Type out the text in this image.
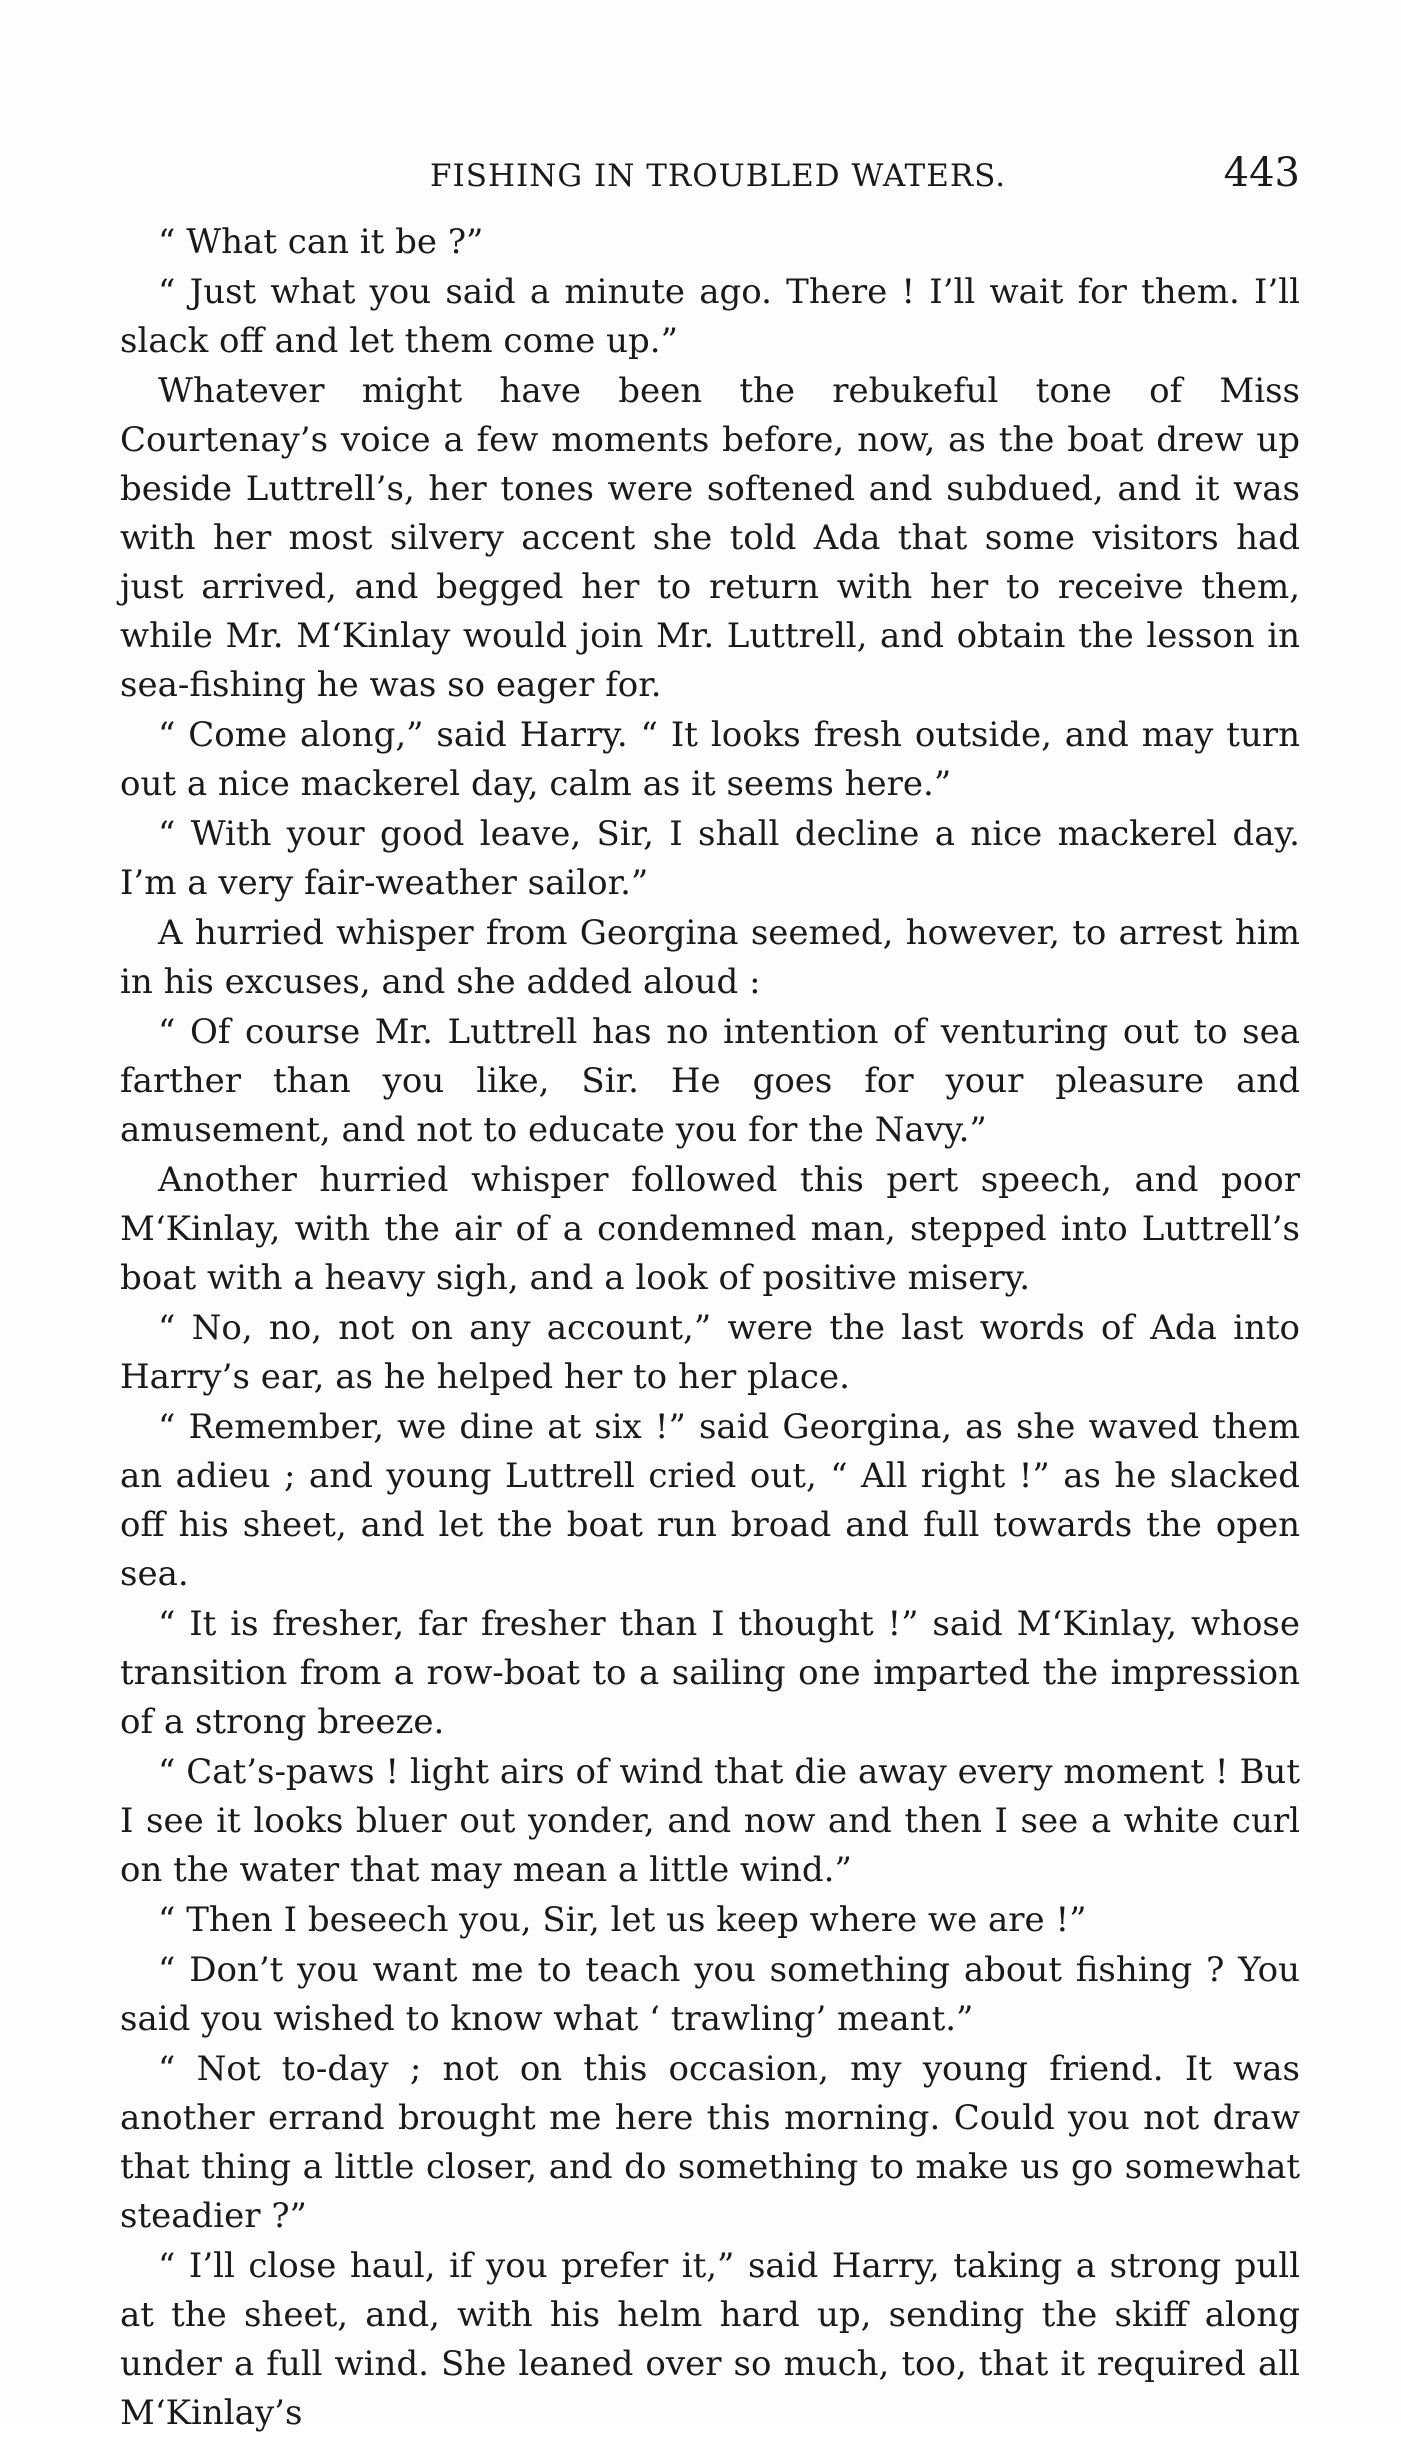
FISHING IN TROUBLED WATERS.	443

“ What can it be ?”

“ Just what you said a minute ago. There ! I’ll wait for them. I’ll slack off and let them come up.”

Whatever might have been the rebukeful tone of Miss Courtenay’s voice a few moments before, now, as the boat drew up beside Luttrell’s, her tones were softened and subdued, and it was with her most silvery accent she told Ada that some visitors had just arrived, and begged her to return with her to receive them, while Mr. M‘Kinlay would join Mr. Luttrell, and obtain the lesson in sea-fishing he was so eager for.

“ Come along,” said Harry. “ It looks fresh outside, and may turn out a nice mackerel day, calm as it seems here.”

“ With your good leave, Sir, I shall decline a nice mackerel day. I’m a very fair-weather sailor.”

A hurried whisper from Georgina seemed, however, to arrest him in his excuses, and she added aloud :

“ Of course Mr. Luttrell has no intention of venturing out to sea farther than you like, Sir. He goes for your pleasure and amusement, and not to educate you for the Navy.”

Another hurried whisper followed this pert speech, and poor M‘Kinlay, with the air of a condemned man, stepped into Luttrell’s boat with a heavy sigh, and a look of positive misery.

“ No, no, not on any account,” were the last words of Ada into Harry’s ear, as he helped her to her place.

“ Remember, we dine at six !” said Georgina, as she waved them an adieu ; and young Luttrell cried out, “ All right !” as he slacked off his sheet, and let the boat run broad and full towards the open sea.

“ It is fresher, far fresher than I thought !” said M‘Kinlay, whose transition from a row-boat to a sailing one imparted the impression of a strong breeze.

“ Cat’s-paws ! light airs of wind that die away every moment ! But I see it looks bluer out yonder, and now and then I see a white curl on the water that may mean a little wind.”

“ Then I beseech you, Sir, let us keep where we are !”

“ Don’t you want me to teach you something about fishing ? You said you wished to know what ‘ trawling’ meant.”

“ Not to-day ; not on this occasion, my young friend. It was another errand brought me here this morning. Could you not draw that thing a little closer, and do something to make us go somewhat steadier ?”

“ I’ll close haul, if you prefer it,” said Harry, taking a strong pull at the sheet, and, with his helm hard up, sending the skiff along under a full wind. She leaned over so much, too, that it required all M‘Kinlay’s
